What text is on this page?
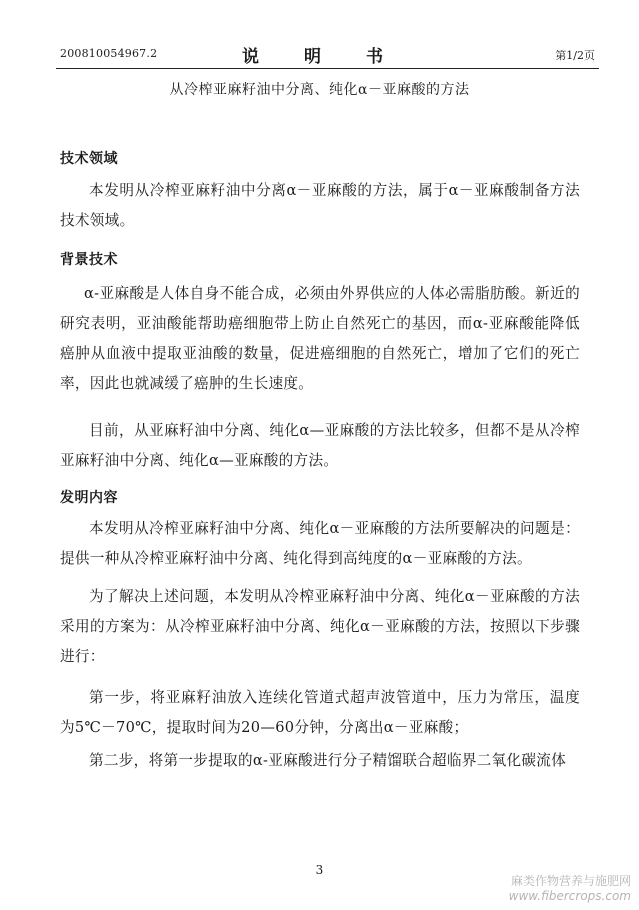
200810054967.2	说　明　书	第1/2页
从冷榨亚麻籽油中分离、纯化α－亚麻酸的方法
技术领域

本发明从冷榨亚麻籽油中分离α－亚麻酸的方法，属于α－亚麻酸制备方法技术领域。

背景技术

α-亚麻酸是人体自身不能合成，必须由外界供应的人体必需脂肪酸。新近的研究表明，亚油酸能帮助癌细胞带上防止自然死亡的基因，而α-亚麻酸能降低癌肿从血液中提取亚油酸的数量，促进癌细胞的自然死亡，增加了它们的死亡率，因此也就减缓了癌肿的生长速度。

目前，从亚麻籽油中分离、纯化α—亚麻酸的方法比较多，但都不是从冷榨亚麻籽油中分离、纯化α—亚麻酸的方法。

发明内容

本发明从冷榨亚麻籽油中分离、纯化α－亚麻酸的方法所要解决的问题是：提供一种从冷榨亚麻籽油中分离、纯化得到高纯度的α－亚麻酸的方法。

为了解决上述问题，本发明从冷榨亚麻籽油中分离、纯化α－亚麻酸的方法采用的方案为：从冷榨亚麻籽油中分离、纯化α－亚麻酸的方法，按照以下步骤进行：

第一步，将亚麻籽油放入连续化管道式超声波管道中，压力为常压，温度为5℃－70℃，提取时间为20—60分钟，分离出α－亚麻酸；

第二步，将第一步提取的α-亚麻酸进行分子精馏联合超临界二氧化碳流体

3
麻类作物营养与施肥网
www.fibercrops.com
